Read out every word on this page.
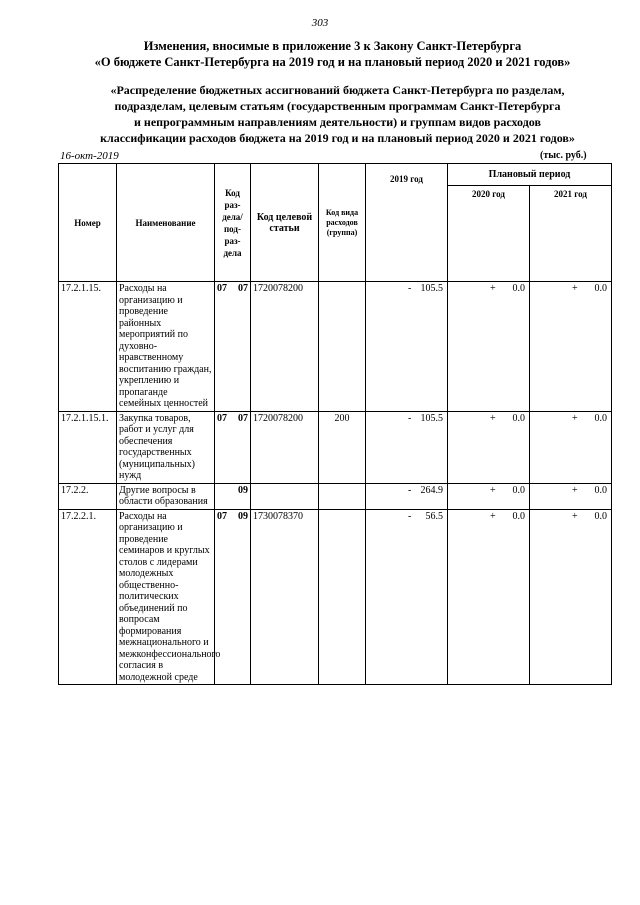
303
Изменения, вносимые в приложение 3 к Закону Санкт-Петербурга
«О бюджете Санкт-Петербурга на 2019 год и на плановый период 2020 и 2021 годов»
«Распределение бюджетных ассигнований бюджета Санкт-Петербурга по разделам,
подразделам, целевым статьям (государственным программам Санкт-Петербурга
и непрограммным направлениям деятельности) и группам видов расходов
классификации расходов бюджета на 2019 год и на плановый период 2020 и 2021 годов»
16-окт-2019	(тыс. руб.)
Номер	Наименование	Код раз- дела/ под- раз- дела		Код целевой статьи	Код вида расходов (группа)	2019 год	Плановый период	
							2020 год	2021 год
17.2.1.15.	Расходы на организацию и проведение районных мероприятий по духовно-нравственному воспитанию граждан, укреплению и пропаганде семейных ценностей	07	07	1720078200		- 105.5	+ 0.0	+ 0.0

17.2.1.15.1.	Закупка товаров, работ и услуг для обеспечения государственных (муниципальных) нужд	07	07	1720078200	200	- 105.5	+ 0.0	+ 0.0

17.2.2.	Другие вопросы в области образования		09			- 264.9	+ 0.0	+ 0.0

17.2.2.1.	Расходы на организацию и проведение семинаров и круглых столов с лидерами молодежных общественно-политических объединений по вопросам формирования межнационального и межконфессионального согласия в молодежной среде	07	09	1730078370		- 56.5	+ 0.0	+ 0.0
